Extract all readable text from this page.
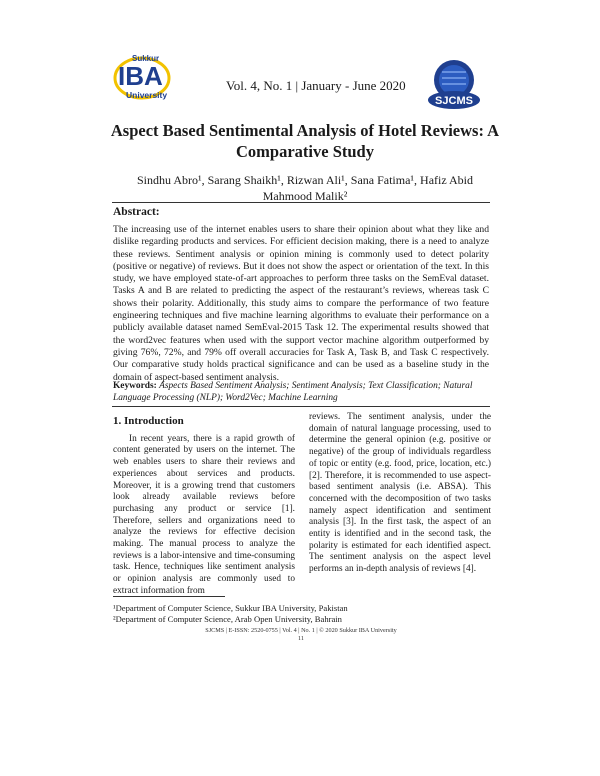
Sukkur
IBA
University
Vol. 4, No. 1 | January - June 2020
SJCMS
Aspect Based Sentimental Analysis of Hotel Reviews: A
Comparative Study
Sindhu Abro¹, Sarang Shaikh¹, Rizwan Ali¹, Sana Fatima¹, Hafiz Abid
Mahmood Malik²
Abstract:
The increasing use of the internet enables users to share their opinion about what they like and dislike regarding products and services. For efficient decision making, there is a need to analyze these reviews. Sentiment analysis or opinion mining is commonly used to detect polarity (positive or negative) of reviews. But it does not show the aspect or orientation of the text. In this study, we have employed state-of-art approaches to perform three tasks on the SemEval dataset. Tasks A and B are related to predicting the aspect of the restaurant’s reviews, whereas task C shows their polarity. Additionally, this study aims to compare the performance of two feature engineering techniques and five machine learning algorithms to evaluate their performance on a publicly available dataset named SemEval-2015 Task 12. The experimental results showed that the word2vec features when used with the support vector machine algorithm outperformed by giving 76%, 72%, and 79% off overall accuracies for Task A, Task B, and Task C respectively. Our comparative study holds practical significance and can be used as a baseline study in the domain of aspect-based sentiment analysis.
Keywords: Aspects Based Sentiment Analysis; Sentiment Analysis; Text Classification; Natural Language Processing (NLP); Word2Vec; Machine Learning
1. Introduction

In recent years, there is a rapid growth of content generated by users on the internet. The web enables users to share their reviews and experiences about services and products. Moreover, it is a growing trend that customers look already available reviews before purchasing any product or service [1]. Therefore, sellers and organizations need to analyze the reviews for effective decision making. The manual process to analyze the reviews is a labor-intensive and time-consuming task. Hence, techniques like sentiment analysis or opinion analysis are commonly used to extract information from

reviews. The sentiment analysis, under the domain of natural language processing, used to determine the general opinion (e.g. positive or negative) of the group of individuals regardless of topic or entity (e.g. food, price, location, etc.) [2]. Therefore, it is recommended to use aspect-based sentiment analysis (i.e. ABSA). This concerned with the decomposition of two tasks namely aspect identification and sentiment analysis [3]. In the first task, the aspect of an entity is identified and in the second task, the polarity is estimated for each identified aspect. The sentiment analysis on the aspect level performs an in-depth analysis of reviews [4].

¹Department of Computer Science, Sukkur IBA University, Pakistan
²Department of Computer Science, Arab Open University, Bahrain
SJCMS | E-ISSN: 2520-0755 | Vol. 4 | No. 1 | © 2020 Sukkur IBA University
11
